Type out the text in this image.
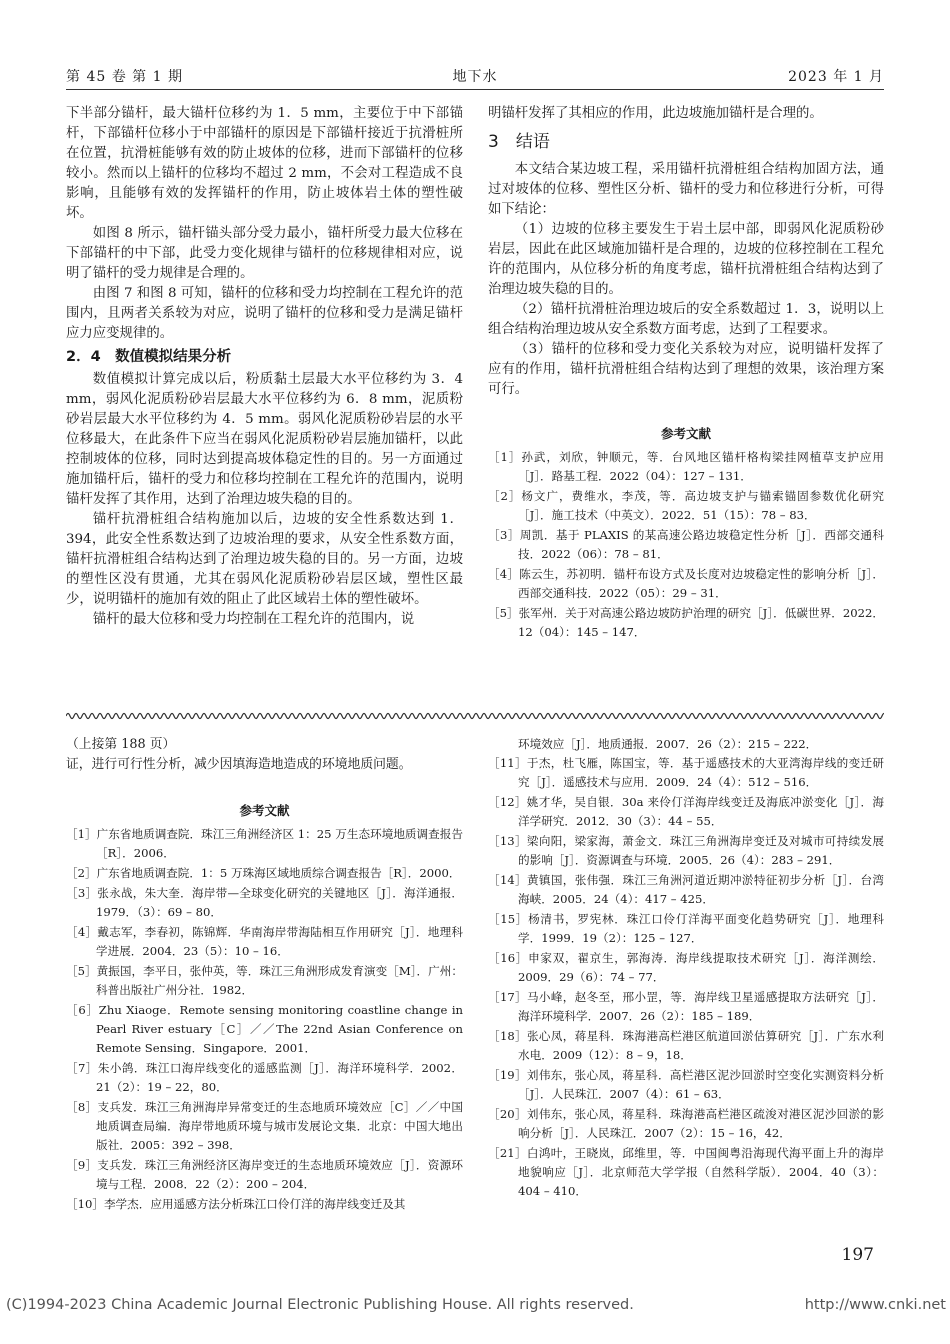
第 45 卷 第 1 期	地下水	2023 年 1 月

下半部分锚杆，最大锚杆位移约为 1．5 mm，主要位于中下部锚杆，下部锚杆位移小于中部锚杆的原因是下部锚杆接近于抗滑桩所在位置，抗滑桩能够有效的防止坡体的位移，进而下部锚杆的位移较小。然而以上锚杆的位移均不超过 2 mm，不会对工程造成不良影响，且能够有效的发挥锚杆的作用，防止坡体岩土体的塑性破坏。

如图 8 所示，锚杆锚头部分受力最小，锚杆所受力最大位移在下部锚杆的中下部，此受力变化规律与锚杆的位移规律相对应，说明了锚杆的受力规律是合理的。

由图 7 和图 8 可知，锚杆的位移和受力均控制在工程允许的范围内，且两者关系较为对应，说明了锚杆的位移和受力是满足锚杆应力应变规律的。

2．4　数值模拟结果分析

数值模拟计算完成以后，粉质黏土层最大水平位移约为 3．4 mm，弱风化泥质粉砂岩层最大水平位移约为 6．8 mm，泥质粉砂岩层最大水平位移约为 4．5 mm。弱风化泥质粉砂岩层的水平位移最大，在此条件下应当在弱风化泥质粉砂岩层施加锚杆，以此控制坡体的位移，同时达到提高坡体稳定性的目的。另一方面通过施加锚杆后，锚杆的受力和位移均控制在工程允许的范围内，说明锚杆发挥了其作用，达到了治理边坡失稳的目的。

锚杆抗滑桩组合结构施加以后，边坡的安全性系数达到 1．394，此安全性系数达到了边坡治理的要求，从安全性系数方面，锚杆抗滑桩组合结构达到了治理边坡失稳的目的。另一方面，边坡的塑性区没有贯通，尤其在弱风化泥质粉砂岩层区域，塑性区最少，说明锚杆的施加有效的阻止了此区域岩土体的塑性破坏。

锚杆的最大位移和受力均控制在工程允许的范围内，说

明锚杆发挥了其相应的作用，此边坡施加锚杆是合理的。

3　结语

本文结合某边坡工程，采用锚杆抗滑桩组合结构加固方法，通过对坡体的位移、塑性区分析、锚杆的受力和位移进行分析，可得如下结论：

（1）边坡的位移主要发生于岩土层中部，即弱风化泥质粉砂岩层，因此在此区域施加锚杆是合理的，边坡的位移控制在工程允许的范围内，从位移分析的角度考虑，锚杆抗滑桩组合结构达到了治理边坡失稳的目的。

（2）锚杆抗滑桩治理边坡后的安全系数超过 1．3，说明以上组合结构治理边坡从安全系数方面考虑，达到了工程要求。

（3）锚杆的位移和受力变化关系较为对应，说明锚杆发挥了应有的作用，锚杆抗滑桩组合结构达到了理想的效果，该治理方案可行。

参考文献

［1］孙武，刘欣，钟顺元，等．台风地区锚杆格构梁挂网植草支护应用［J］．路基工程．2022（04）：127 – 131．

［2］杨文广，费维水，李茂，等．高边坡支护与锚索锚固参数优化研究［J］．施工技术（中英文）．2022．51（15）：78 – 83．

［3］周凯．基于 PLAXIS 的某高速公路边坡稳定性分析［J］．西部交通科技．2022（06）：78 – 81．

［4］陈云生，苏初明．锚杆布设方式及长度对边坡稳定性的影响分析［J］．西部交通科技．2022（05）：29 – 31．

［5］张军州．关于对高速公路边坡防护治理的研究［J］．低碳世界．2022．12（04）：145 – 147．

（上接第 188 页）

证，进行可行性分析，减少因填海造地造成的环境地质问题。

参考文献

［1］广东省地质调查院．珠江三角洲经济区 1：25 万生态环境地质调查报告［R］．2006．

［2］广东省地质调查院．1：5 万珠海区域地质综合调查报告［R］．2000．

［3］张永战，朱大奎．海岸带—全球变化研究的关键地区［J］．海洋通报．1979．（3）：69 – 80．

［4］戴志军，李春初，陈锦辉．华南海岸带海陆相互作用研究［J］．地理科学进展．2004．23（5）：10 – 16．

［5］黄振国，李平日，张仲英，等．珠江三角洲形成发育演变［M］．广州：科普出版社广州分社．1982．

［6］Zhu Xiaoge．Remote sensing monitoring coastline change in Pearl River estuary［C］／／The 22nd Asian Conference on Remote Sensing．Singapore．2001．

［7］朱小鸽．珠江口海岸线变化的遥感监测［J］．海洋环境科学．2002．21（2）：19 – 22，80．

［8］支兵发．珠江三角洲海岸异常变迁的生态地质环境效应［C］／／中国地质调查局编．海岸带地质环境与城市发展论文集．北京：中国大地出版社．2005：392 – 398．

［9］支兵发．珠江三角洲经济区海岸变迁的生态地质环境效应［J］．资源环境与工程．2008．22（2）：200 – 204．

［10］李学杰．应用遥感方法分析珠江口伶仃洋的海岸线变迁及其

环境效应［J］．地质通报．2007．26（2）：215 – 222．

［11］于杰，杜飞雁，陈国宝，等．基于遥感技术的大亚湾海岸线的变迁研究［J］．遥感技术与应用．2009．24（4）：512 – 516．

［12］姚才华，吴自银．30a 来伶仃洋海岸线变迁及海底冲淤变化［J］．海洋学研究．2012．30（3）：44 – 55．

［13］梁向阳，梁家海，萧金文．珠江三角洲海岸变迁及对城市可持续发展的影响［J］．资源调查与环境．2005．26（4）：283 – 291．

［14］黄镇国，张伟强．珠江三角洲河道近期冲淤特征初步分析［J］．台湾海峡．2005．24（4）：417 – 425．

［15］杨清书，罗宪林．珠江口伶仃洋海平面变化趋势研究［J］．地理科学．1999．19（2）：125 – 127．

［16］申家双，翟京生，郭海涛．海岸线提取技术研究［J］．海洋测绘．2009．29（6）：74 – 77．

［17］马小峰，赵冬至，邢小罡，等．海岸线卫星遥感提取方法研究［J］．海洋环境科学．2007．26（2）：185 – 189．

［18］张心凤，蒋星科．珠海港高栏港区航道回淤估算研究［J］．广东水利水电．2009（12）：8 – 9，18．

［19］刘伟东，张心凤，蒋星科．高栏港区泥沙回淤时空变化实测资料分析［J］．人民珠江．2007（4）：61 – 63．

［20］刘伟东，张心凤，蒋星科．珠海港高栏港区疏浚对港区泥沙回淤的影响分析［J］．人民珠江．2007（2）：15 – 16，42．

［21］白鸿叶，王晓岚，邱维里，等．中国闽粤沿海现代海平面上升的海岸地貌响应［J］．北京师范大学学报（自然科学版）．2004．40（3）：404 – 410．

197
(C)1994-2023 China Academic Journal Electronic Publishing House. All rights reserved.	http://www.cnki.net
